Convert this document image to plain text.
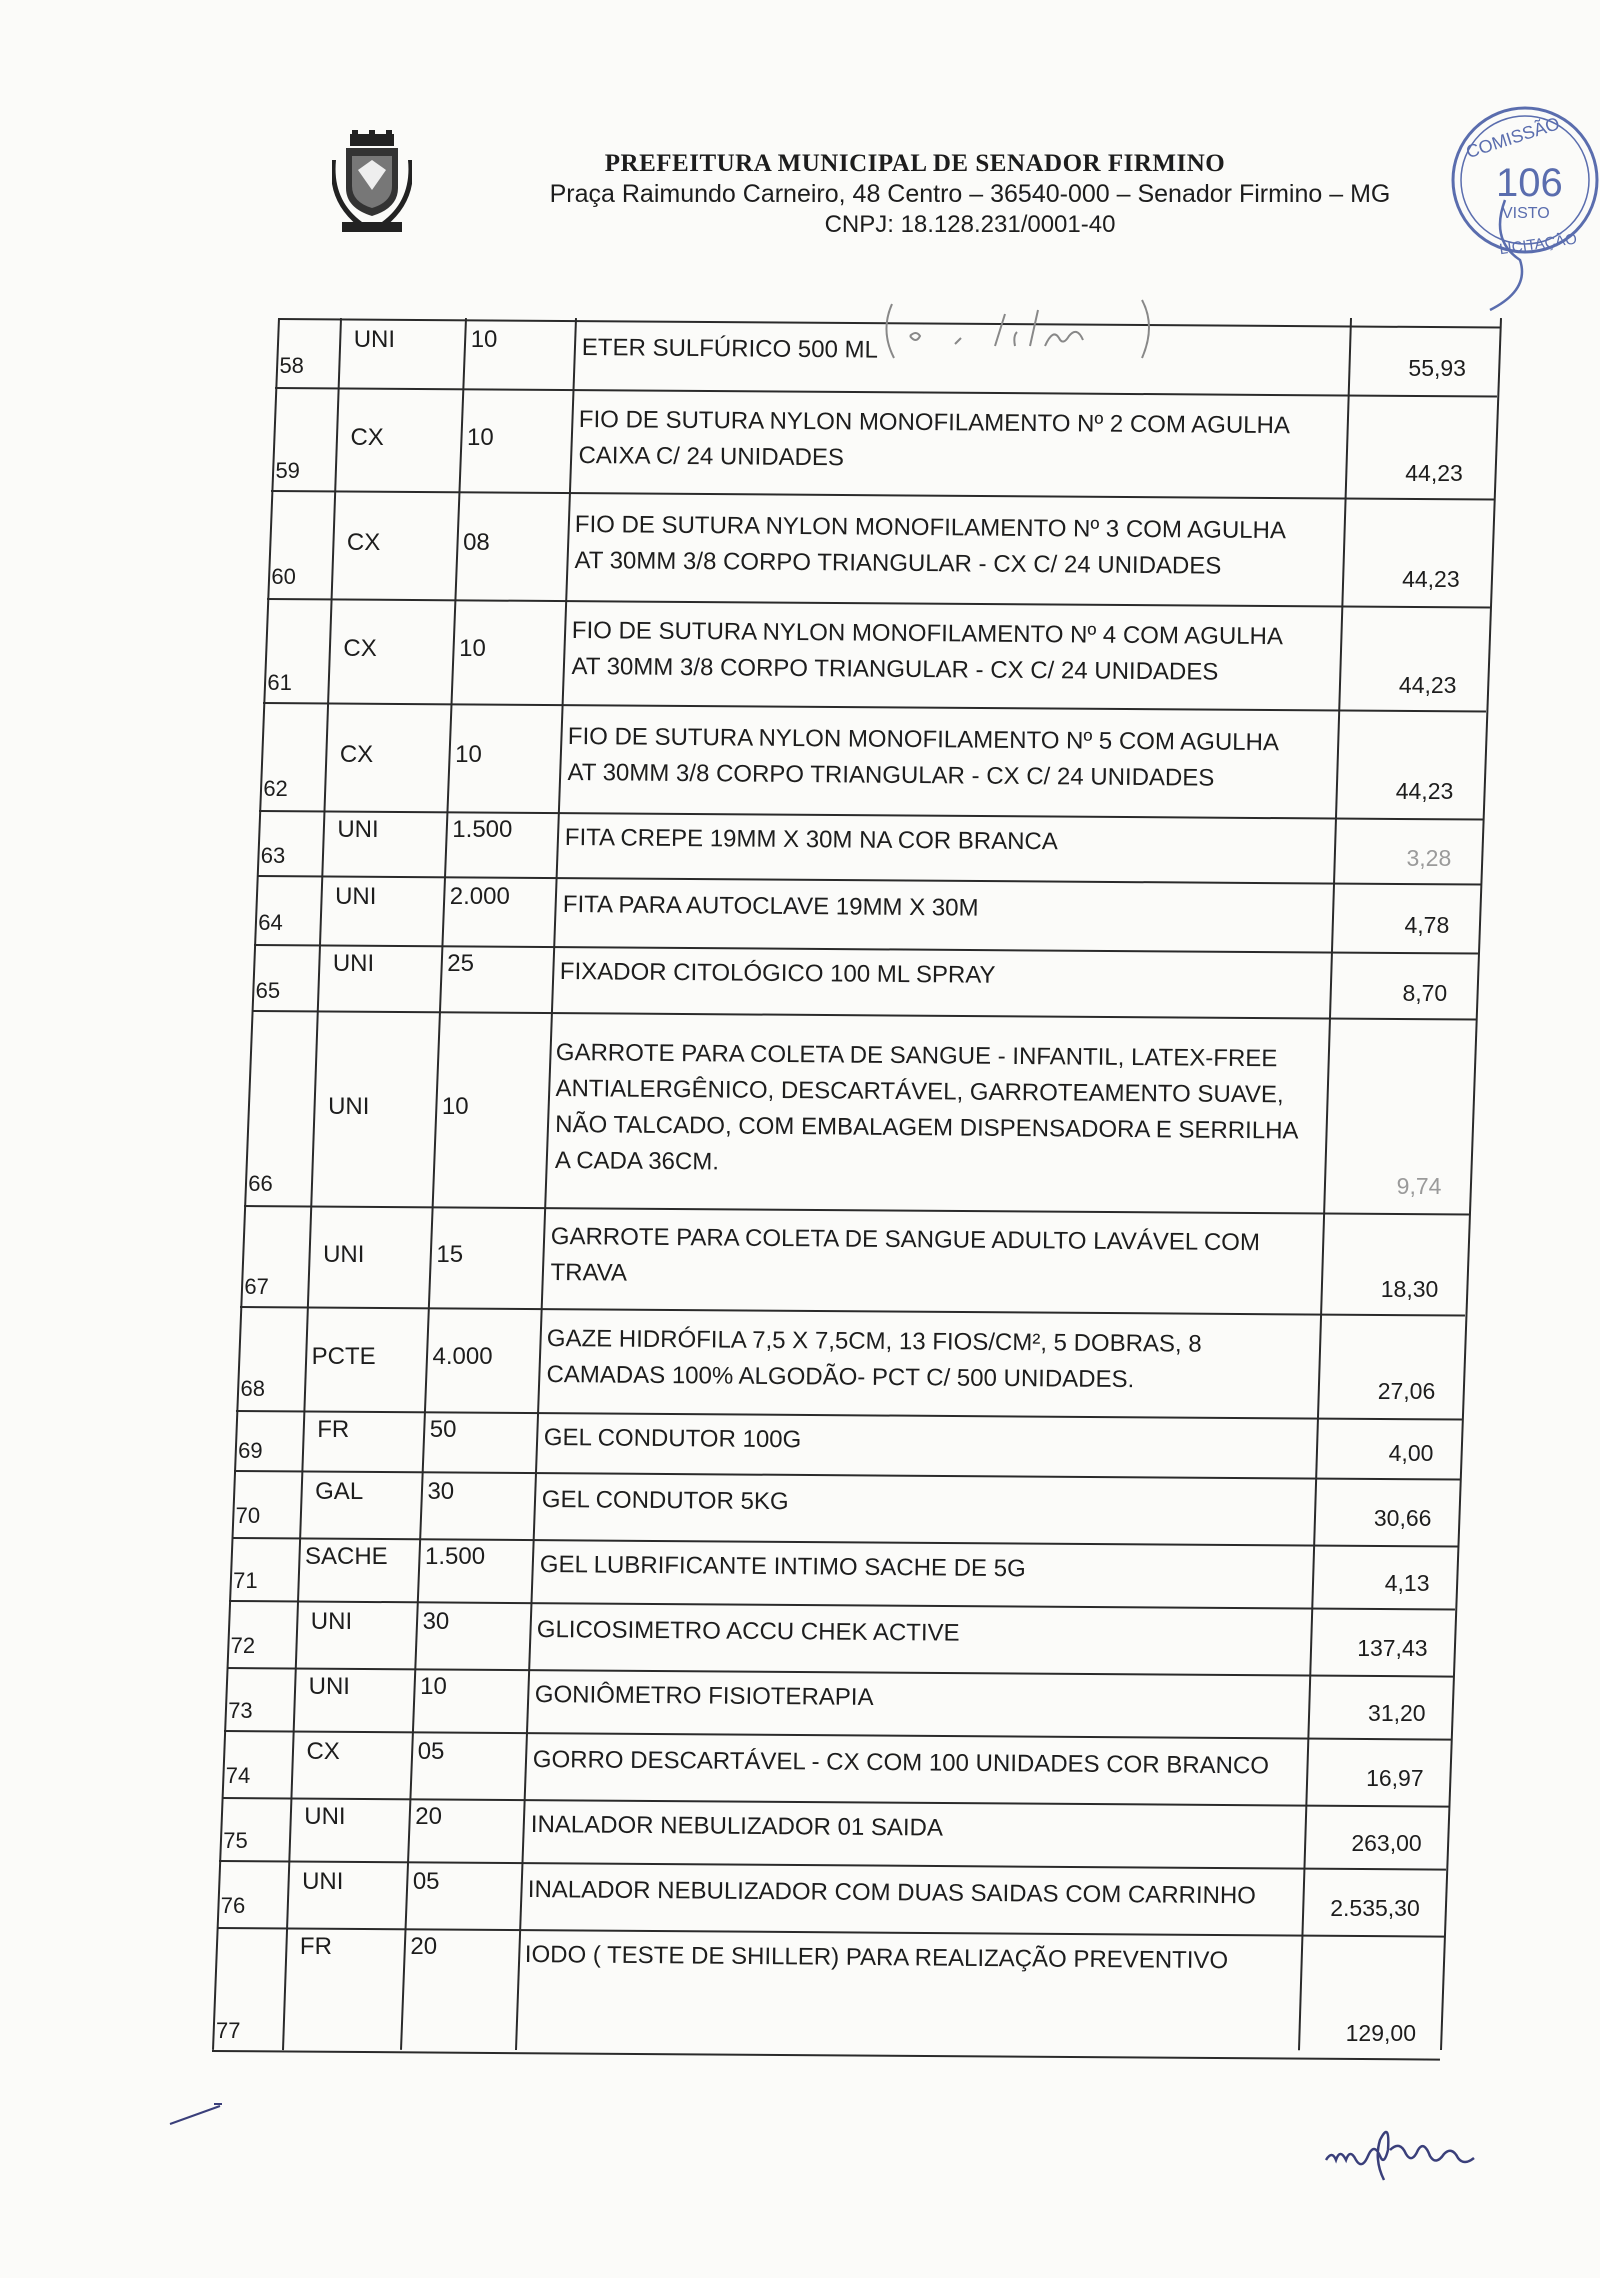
PREFEITURA MUNICIPAL DE SENADOR FIRMINO
Praça Raimundo Carneiro, 48 Centro – 36540-000 – Senador Firmino – MG
CNPJ: 18.128.231/0001-40
COMISSÃO
106
VISTO
LICITAÇÃO
58
UNI	10	ETER SULFÚRICO 500 ML
55,93
59
CX	10	FIO DE SUTURA NYLON MONOFILAMENTO Nº 2 COM AGULHA
CAIXA C/ 24 UNIDADES
44,23
60
CX	08	FIO DE SUTURA NYLON MONOFILAMENTO Nº 3 COM AGULHA
AT 30MM 3/8 CORPO TRIANGULAR - CX C/ 24 UNIDADES	44,23
61
CX	10	FIO DE SUTURA NYLON MONOFILAMENTO Nº 4 COM AGULHA
AT 30MM 3/8 CORPO TRIANGULAR - CX C/ 24 UNIDADES	44,23
62
CX	10	FIO DE SUTURA NYLON MONOFILAMENTO Nº 5 COM AGULHA
AT 30MM 3/8 CORPO TRIANGULAR - CX C/ 24 UNIDADES	44,23
63
UNI	1.500 FITA CREPE 19MM X 30M NA COR BRANCA
3,28
64
UNI	2.000 FITA PARA AUTOCLAVE 19MM X 30M
4,78
65
UNI	25	FIXADOR CITOLÓGICO 100 ML SPRAY
8,70
66
UNI	10
GARROTE PARA COLETA DE SANGUE - INFANTIL, LATEX-FREE
ANTIALERGÊNICO, DESCARTÁVEL, GARROTEAMENTO SUAVE,
NÃO TALCADO, COM EMBALAGEM DISPENSADORA E SERRILHA
A CADA 36CM.
9,74
67
UNI	15	GARROTE PARA COLETA DE SANGUE ADULTO LAVÁVEL COM
TRAVA
18,30
68
PCTE 4.000 GAZE HIDRÓFILA 7,5 X 7,5CM, 13 FIOS/CM², 5 DOBRAS, 8
CAMADAS 100% ALGODÃO- PCT C/ 500 UNIDADES.	27,06
69
FR	50	GEL CONDUTOR 100G	4,00
70
GAL	30	GEL CONDUTOR 5KG
30,66
71
SACHE 1.500 GEL LUBRIFICANTE INTIMO SACHE DE 5G
4,13
72
UNI	30	GLICOSIMETRO ACCU CHEK ACTIVE
137,43
73
UNI	10	GONIÔMETRO FISIOTERAPIA
31,20
74
CX	05	GORRO DESCARTÁVEL - CX COM 100 UNIDADES COR BRANCO	16,97
75
UNI	20	INALADOR NEBULIZADOR 01 SAIDA
263,00
76
UNI	05	INALADOR NEBULIZADOR COM DUAS SAIDAS COM CARRINHO	2.535,30
77
FR	20	IODO ( TESTE DE SHILLER) PARA REALIZAÇÃO PREVENTIVO
129,00
